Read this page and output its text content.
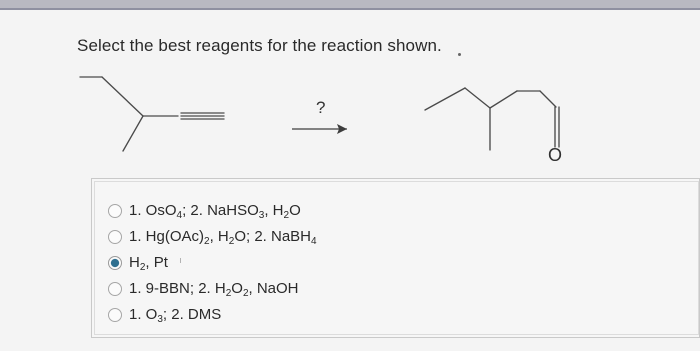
Select the best reagents for the reaction shown.
?
O
1. OsO$_4$; 2. NaHSO$_3$, $H_2O$
1. $Hg(OAc)_2$, $H_2O$; 2. NaBH$_4$
$H_2$, Pt
1. 9-BBN; 2. $H_2O_2$, NaOH
1. $O_3$; 2. DMS
